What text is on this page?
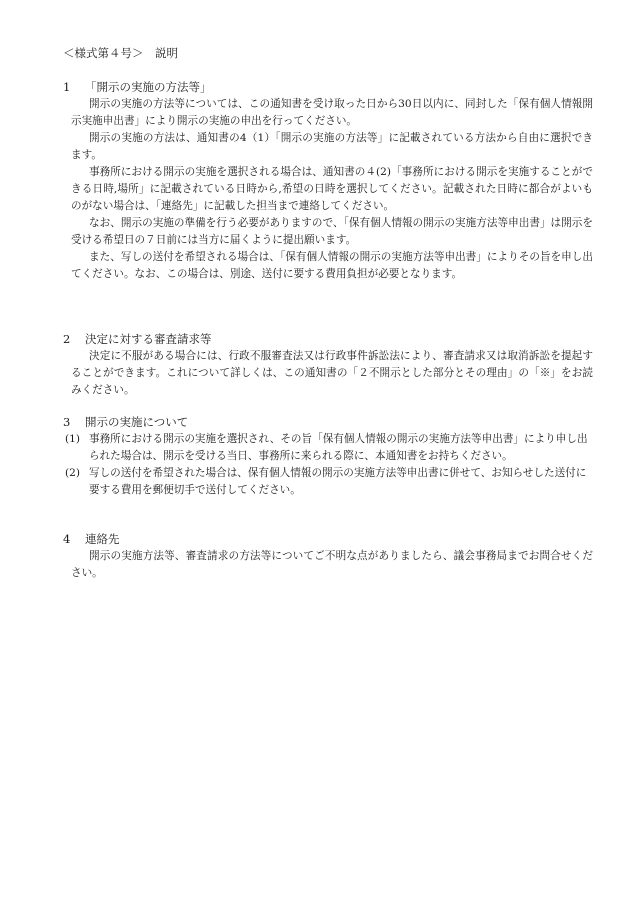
＜様式第４号＞　説明
1	「開示の実施の方法等」

開示の実施の方法等については、この通知書を受け取った日から30日以内に、同封した「保有個人情報開示実施申出書」により開示の実施の申出を行ってください。

開示の実施の方法は、通知書の4（1）「開示の実施の方法等」に記載されている方法から自由に選択できます。

事務所における開示の実施を選択される場合は、通知書の４(2)「事務所における開示を実施することができる日時,場所」に記載されている日時から,希望の日時を選択してください。記載された日時に都合がよいものがない場合は、「連絡先」に記載した担当まで連絡してください。

なお、開示の実施の準備を行う必要がありますので、「保有個人情報の開示の実施方法等申出書」は開示を受ける希望日の７日前には当方に届くように提出願います。

また、写しの送付を希望される場合は、「保有個人情報の開示の実施方法等申出書」によりその旨を申し出てください。なお、この場合は、別途、送付に要する費用負担が必要となります。

2	決定に対する審査請求等

決定に不服がある場合には、行政不服審査法又は行政事件訴訟法により、審査請求又は取消訴訟を提起することができます。これについて詳しくは、この通知書の「２不開示とした部分とその理由」の「※」をお読みください。

3	開示の実施について
(1) 事務所における開示の実施を選択され、その旨「保有個人情報の開示の実施方法等申出書」により申し出られた場合は、開示を受ける当日、事務所に来られる際に、本通知書をお持ちください。
(2) 写しの送付を希望された場合は、保有個人情報の開示の実施方法等申出書に併せて、お知らせした送付に要する費用を郵便切手で送付してください。
4	連絡先

開示の実施方法等、審査請求の方法等についてご不明な点がありましたら、議会事務局までお問合せください。
